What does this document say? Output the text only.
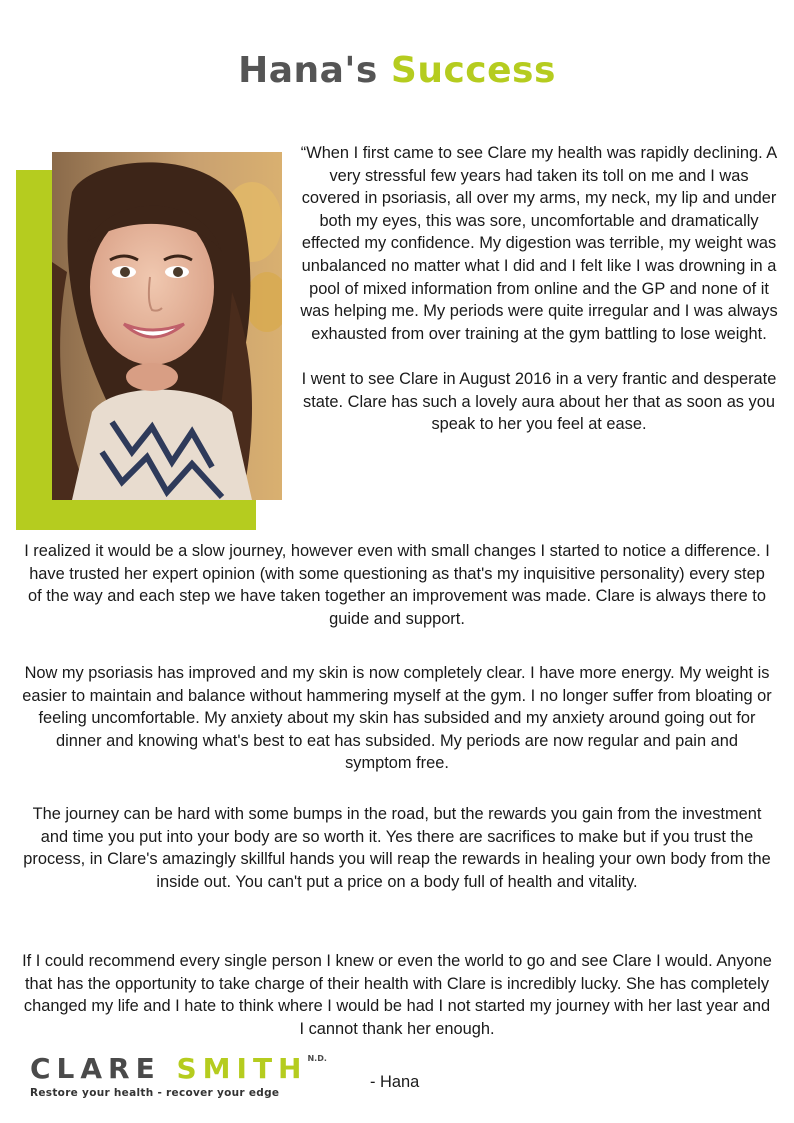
Hana's Success

“When I first came to see Clare my health was rapidly declining. A very stressful few years had taken its toll on me and I was covered in psoriasis, all over my arms, my neck, my lip and under both my eyes, this was sore, uncomfortable and dramatically effected my confidence. My digestion was terrible, my weight was unbalanced no matter what I did and I felt like I was drowning in a pool of mixed information from online and the GP and none of it was helping me. My periods were quite irregular and I was always exhausted from over training at the gym battling to lose weight.

I went to see Clare in August 2016 in a very frantic and desperate state. Clare has such a lovely aura about her that as soon as you speak to her you feel at ease.

I realized it would be a slow journey, however even with small changes I started to notice a difference. I have trusted her expert opinion (with some questioning as that's my inquisitive personality) every step of the way and each step we have taken together an improvement was made. Clare is always there to guide and support.

Now my psoriasis has improved and my skin is now completely clear. I have more energy. My weight is easier to maintain and balance without hammering myself at the gym. I no longer suffer from bloating or feeling uncomfortable. My anxiety about my skin has subsided and my anxiety around going out for dinner and knowing what's best to eat has subsided. My periods are now regular and pain and symptom free.

The journey can be hard with some bumps in the road, but the rewards you gain from the investment and time you put into your body are so worth it. Yes there are sacrifices to make but if you trust the process, in Clare's amazingly skillful hands you will reap the rewards in healing your own body from the inside out. You can't put a price on a body full of health and vitality.

If I could recommend every single person I knew or even the world to go and see Clare I would. Anyone that has the opportunity to take charge of their health with Clare is incredibly lucky. She has completely changed my life and I hate to think where I would be had I not started my journey with her last year and I cannot thank her enough.

CLARE $SMITH^{N.D.}$
Restore your health - recover your edge
- Hana
